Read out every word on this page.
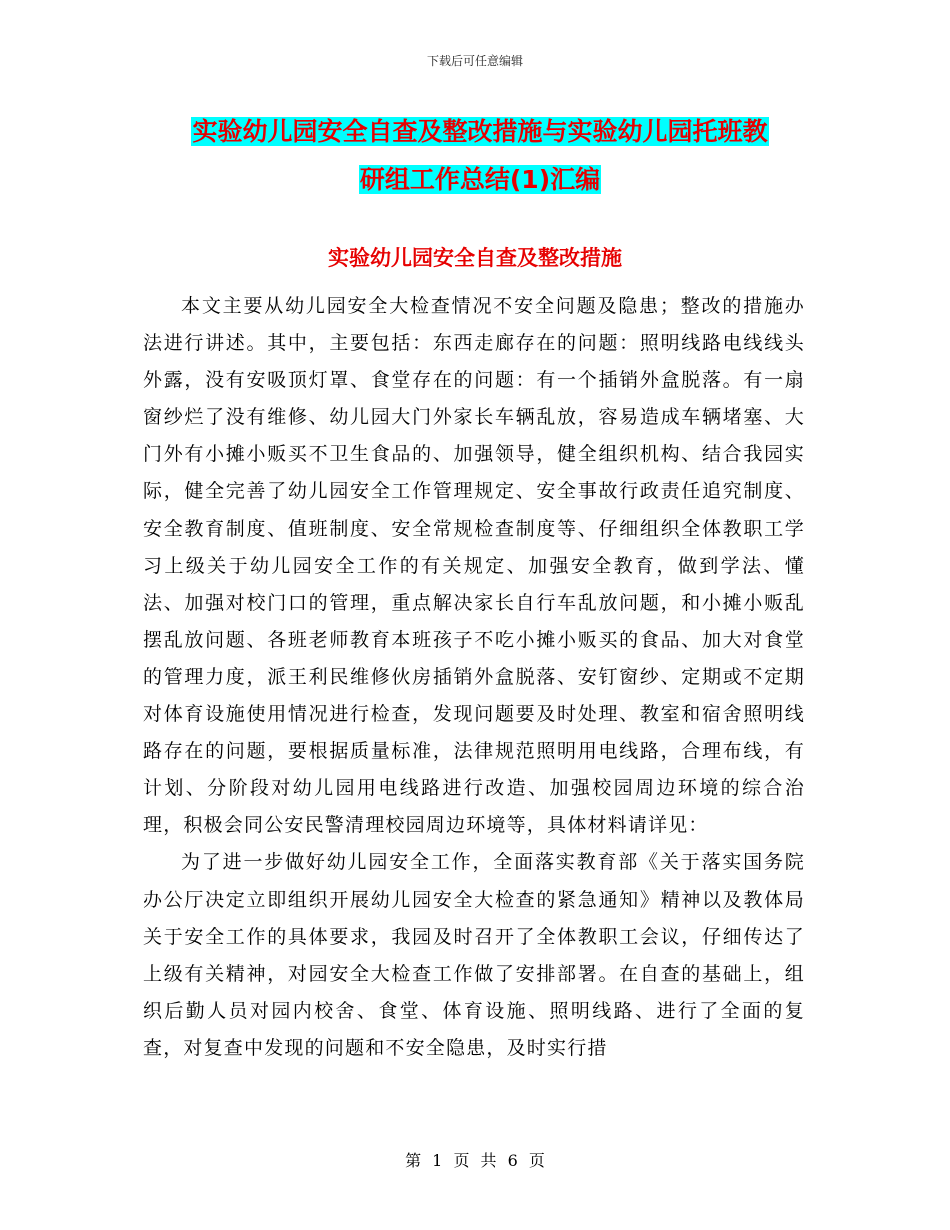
下载后可任意编辑
实验幼儿园安全自查及整改措施与实验幼儿园托班教
研组工作总结(1)汇编
实验幼儿园安全自查及整改措施

本文主要从幼儿园安全大检查情况不安全问题及隐患；整改的措施办法进行讲述。其中，主要包括：东西走廊存在的问题：照明线路电线线头外露，没有安吸顶灯罩、食堂存在的问题：有一个插销外盒脱落。有一扇窗纱烂了没有维修、幼儿园大门外家长车辆乱放，容易造成车辆堵塞、大门外有小摊小贩买不卫生食品的、加强领导，健全组织机构、结合我园实际，健全完善了幼儿园安全工作管理规定、安全事故行政责任追究制度、安全教育制度、值班制度、安全常规检查制度等、仔细组织全体教职工学习上级关于幼儿园安全工作的有关规定、加强安全教育，做到学法、懂法、加强对校门口的管理，重点解决家长自行车乱放问题，和小摊小贩乱摆乱放问题、各班老师教育本班孩子不吃小摊小贩买的食品、加大对食堂的管理力度，派王利民维修伙房插销外盒脱落、安钉窗纱、定期或不定期对体育设施使用情况进行检查，发现问题要及时处理、教室和宿舍照明线路存在的问题，要根据质量标准，法律规范照明用电线路，合理布线，有计划、分阶段对幼儿园用电线路进行改造、加强校园周边环境的综合治理，积极会同公安民警清理校园周边环境等，具体材料请详见：

为了进一步做好幼儿园安全工作，全面落实教育部《关于落实国务院办公厅决定立即组织开展幼儿园安全大检查的紧急通知》精神以及教体局关于安全工作的具体要求，我园及时召开了全体教职工会议，仔细传达了上级有关精神，对园安全大检查工作做了安排部署。在自查的基础上，组织后勤人员对园内校舍、食堂、体育设施、照明线路、进行了全面的复查，对复查中发现的问题和不安全隐患，及时实行措

第 1 页 共 6 页
